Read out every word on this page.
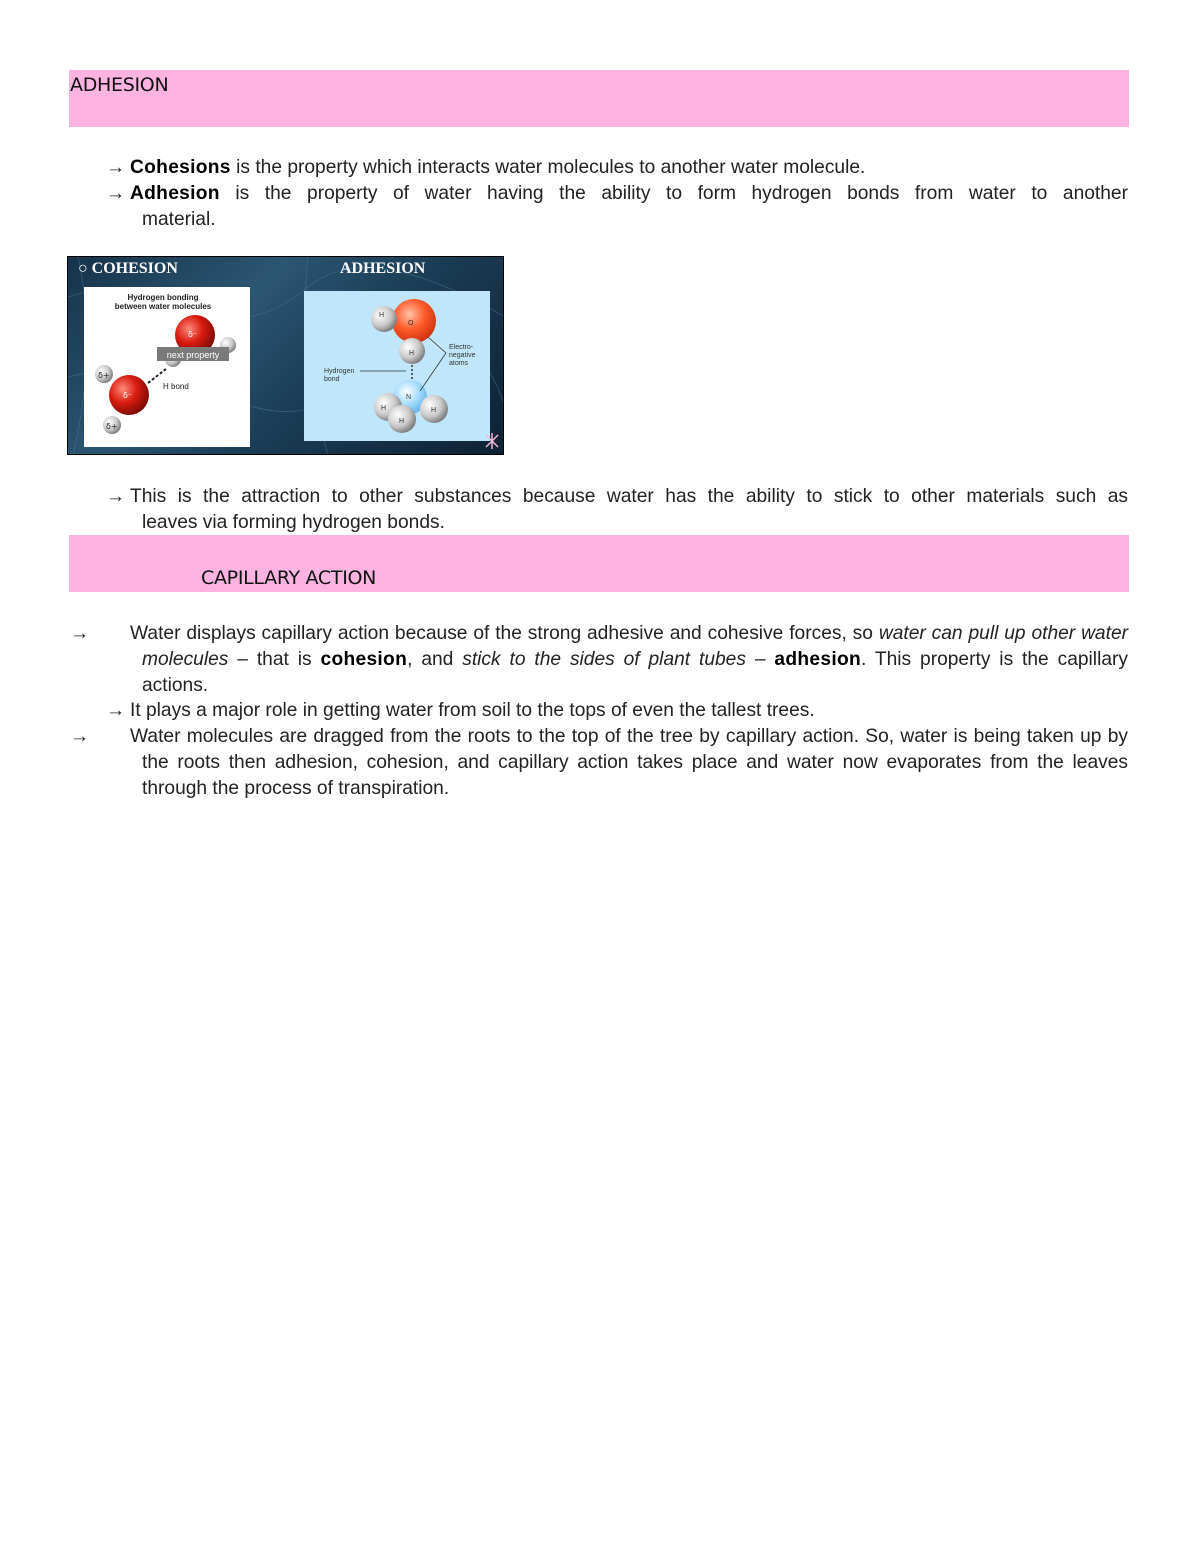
ADHESION
→ Cohesions is the property which interacts water molecules to another water molecule.
→ Adhesion is the property of water having the ability to form hydrogen bonds from water to another
material.
○ COHESION	ADHESION
Hydrogen bonding
between water molecules
δ⁻
next property
δ⁻
δ+
δ+
H bond
H
O
H
Hydrogen
bond
N
H	H
H
Electro-
negative
atoms
→ This is the attraction to other substances because water has the ability to stick to other materials such as
leaves via forming hydrogen bonds.
CAPILLARY ACTION
→ Water displays capillary action because of the strong adhesive and cohesive forces, so water can pull up other water molecules – that is cohesion, and stick to the sides of plant tubes – adhesion. This property is the capillary actions.
→ It plays a major role in getting water from soil to the tops of even the tallest trees.
→ Water molecules are dragged from the roots to the top of the tree by capillary action. So, water is being taken up by the roots then adhesion, cohesion, and capillary action takes place and water now evaporates from the leaves through the process of transpiration.
